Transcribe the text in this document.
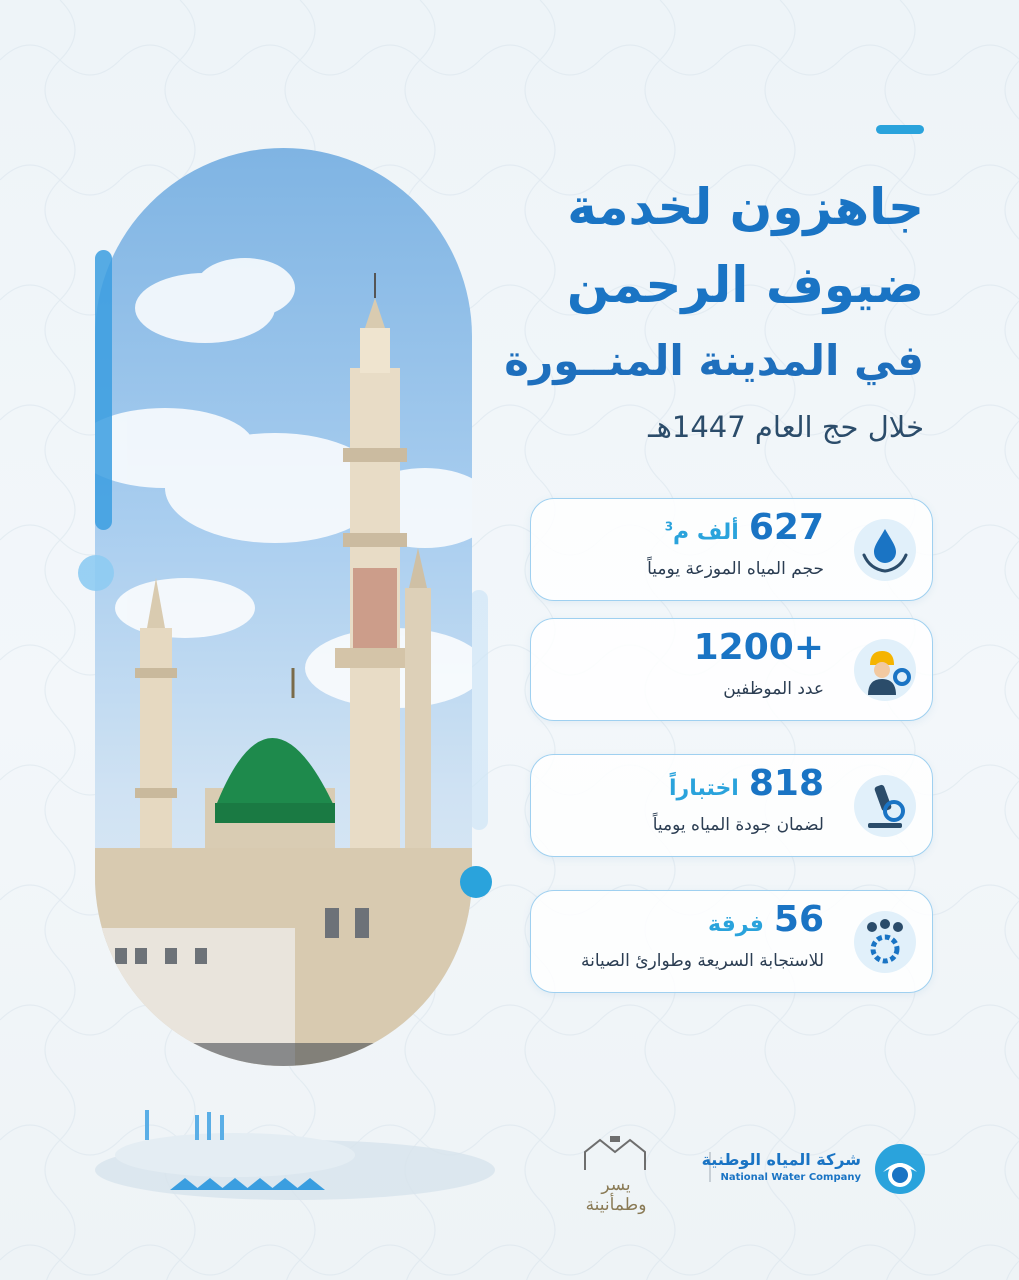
جاهزون لخدمة
ضيوف الرحمن
في المدينة المنــورة
خلال حج العام 1447هـ
627ألف م$^3$
حجم المياه الموزعة يومياً
+1200
عدد الموظفين
818اختباراً
لضمان جودة المياه يومياً
56فرقة
للاستجابة السريعة وطوارئ الصيانة
يسر وطمأنينة
شركة المياه الوطنية
National Water Company
